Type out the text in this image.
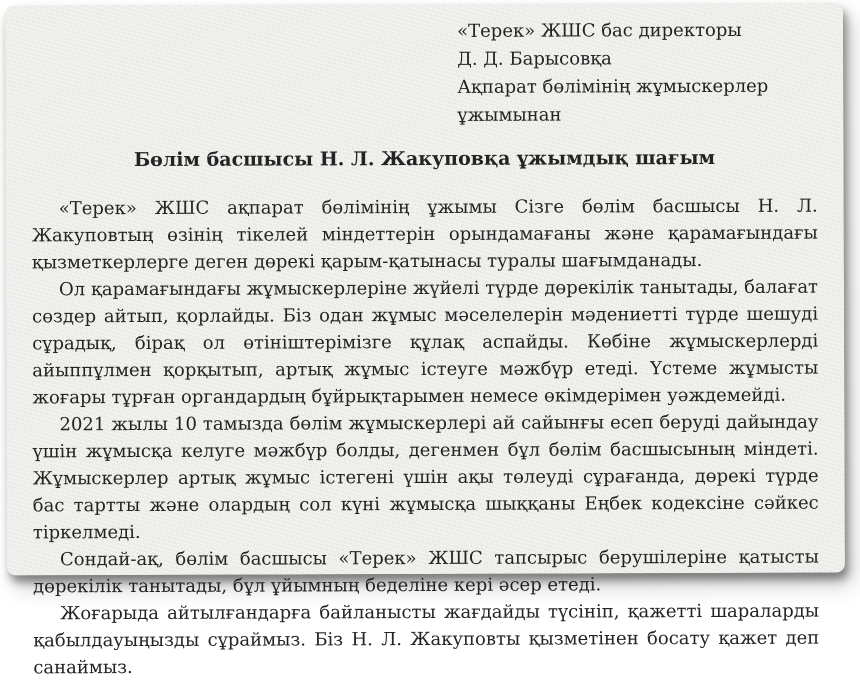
«Терек» ЖШС бас директоры
Д. Д. Барысовқа
Ақпарат бөлімінің жұмыскерлер
ұжымынан
Бөлім басшысы Н. Л. Жакуповқа ұжымдық шағым

«Терек» ЖШС ақпарат бөлімінің ұжымы Сізге бөлім басшысы Н. Л. Жакуповтың өзінің тікелей міндеттерін орындамағаны және қарамағындағы қызметкерлерге деген дөрекі қарым-қатынасы туралы шағымданады.

Ол қарамағындағы жұмыскерлеріне жүйелі түрде дөрекілік танытады, балағат сөздер айтып, қорлайды. Біз одан жұмыс мәселелерін мәдениетті түрде шешуді сұрадық, бірақ ол өтініштерімізге құлақ аспайды. Көбіне жұмыскерлерді айыппұлмен қорқытып, артық жұмыс істеуге мәжбүр етеді. Үстеме жұмысты жоғары тұрған органдардың бұйрықтарымен немесе өкімдерімен уәждемейді.

2021 жылы 10 тамызда бөлім жұмыскерлері ай сайынғы есеп беруді дайындау үшін жұмысқа келуге мәжбүр болды, дегенмен бұл бөлім басшысының міндеті. Жұмыскерлер артық жұмыс істегені үшін ақы төлеуді сұрағанда, дөрекі түрде бас тартты және олардың сол күні жұмысқа шыққаны Еңбек кодексіне сәйкес тіркелмеді.

Сондай-ақ, бөлім басшысы «Терек» ЖШС тапсырыс берушілеріне қатысты дөрекілік танытады, бұл ұйымның беделіне кері әсер етеді.

Жоғарыда айтылғандарға байланысты жағдайды түсініп, қажетті шараларды қабылдауыңызды сұраймыз. Біз Н. Л. Жакуповты қызметінен босату қажет деп санаймыз.
